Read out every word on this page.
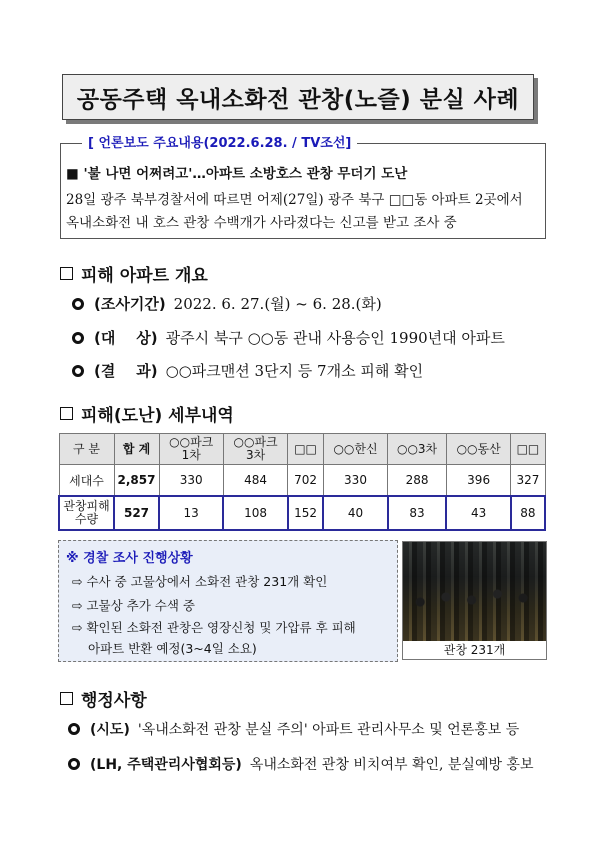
공동주택 옥내소화전 관창(노즐) 분실 사례
[ 언론보도 주요내용(2022.6.28. / TV조선]
■ '불 나면 어쩌려고'…아파트 소방호스 관창 무더기 도난
28일 광주 북부경찰서에 따르면 어제(27일) 광주 북구 □□동 아파트 2곳에서
옥내소화전 내 호스 관창 수백개가 사라졌다는 신고를 받고 조사 중
피해 아파트 개요
(조사기간) 2022. 6. 27.(월) ~ 6. 28.(화)
(대    상) 광주시 북구 ○○동 관내 사용승인 1990년대 아파트
(결    과) ○○파크맨션 3단지 등 7개소 피해 확인
피해(도난) 세부내역
구 분	합 계	○○파크
1차	○○파크
3차	□□	○○한신	○○3차	○○동산	□□
세대수	2,857	330	484	702	330	288	396	327
관창피해
수량	527	13	108	152	40	83	43	88
※ 경찰 조사 진행상황
⇨ 수사 중 고물상에서 소화전 관창 231개 확인
⇨ 고물상 추가 수색 중
⇨ 확인된 소화전 관창은 영장신청 및 가압류 후 피해
아파트 반환 예정(3~4일 소요)	관창 231개
행정사항
(시도) '옥내소화전 관창 분실 주의' 아파트 관리사무소 및 언론홍보 등
(LH, 주택관리사협회등) 옥내소화전 관창 비치여부 확인, 분실예방 홍보
